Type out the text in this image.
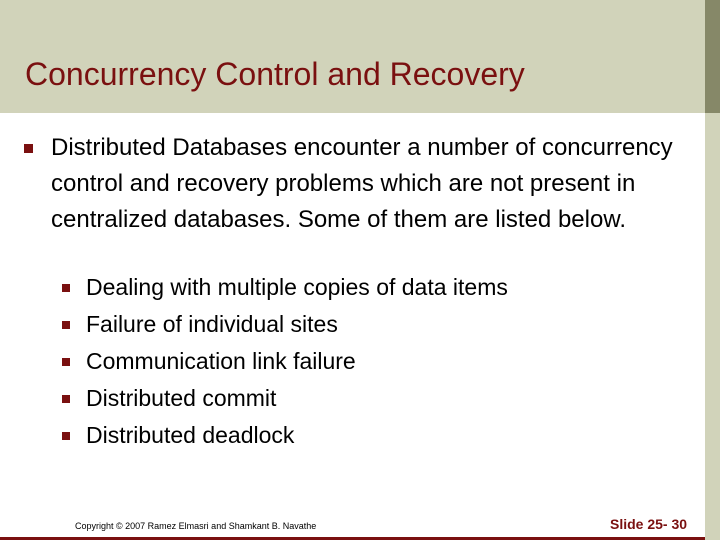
Concurrency Control and Recovery
Distributed Databases encounter a number of concurrency control and recovery problems which are not present in centralized databases. Some of them are listed below.
Dealing with multiple copies of data items
Failure of individual sites
Communication link failure
Distributed commit
Distributed deadlock
Copyright © 2007 Ramez Elmasri and Shamkant B. Navathe	Slide 25- 30
